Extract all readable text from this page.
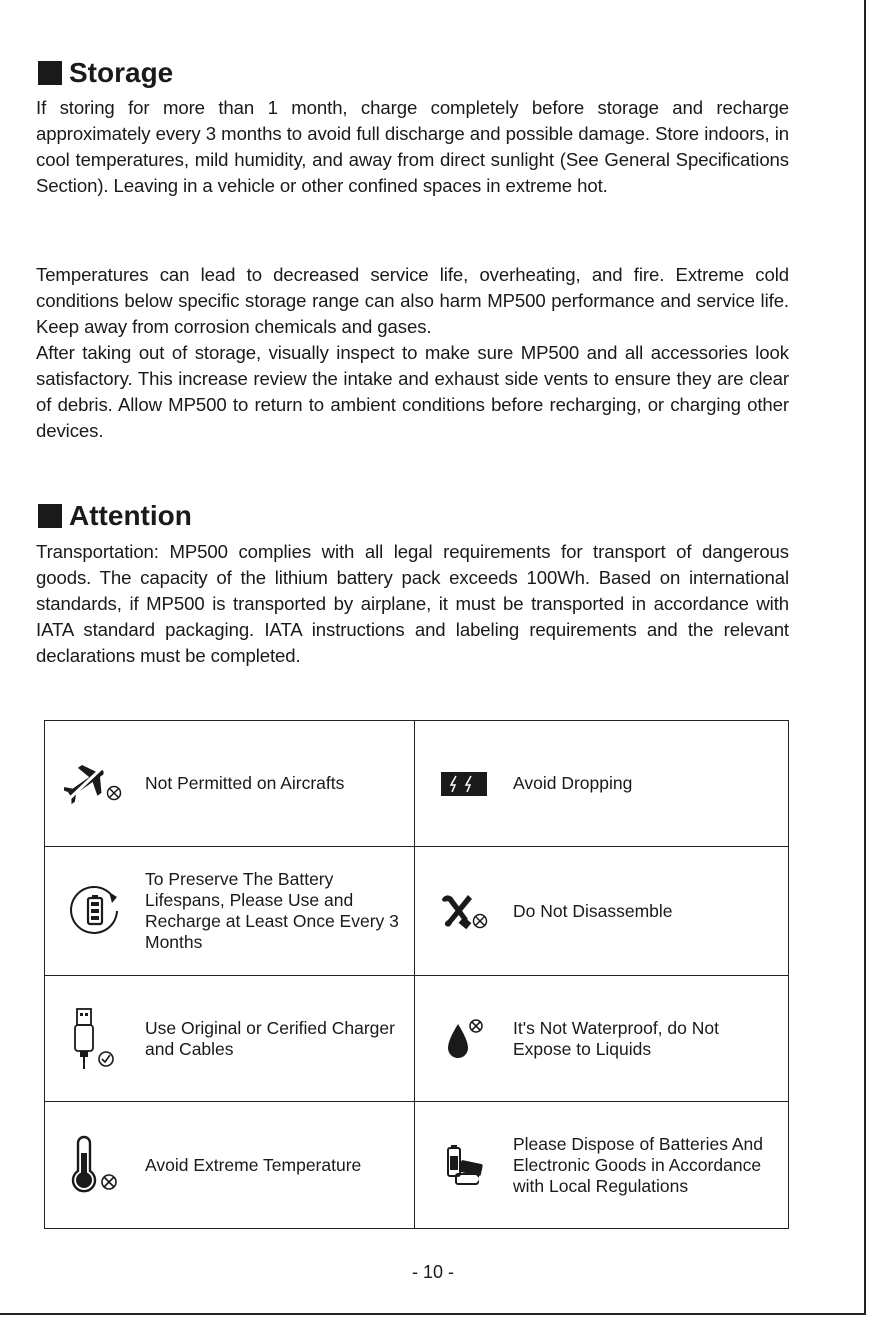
Storage

If storing for more than 1 month, charge completely before storage and recharge approximately every 3 months to avoid full discharge and possible damage. Store indoors, in cool temperatures, mild humidity, and away from direct sunlight (See General Specifications Section). Leaving in a vehicle or other confined spaces in extreme hot.

Temperatures can lead to decreased service life, overheating, and fire. Extreme cold conditions below specific storage range can also harm MP500 performance and service life. Keep away from corrosion chemicals and gases.
After taking out of storage, visually inspect to make sure MP500 and all accessories look satisfactory. This increase review the intake and exhaust side vents to ensure they are clear of debris. Allow MP500 to return to ambient conditions before recharging, or charging other devices.
Attention

Transportation: MP500 complies with all legal requirements for transport of dangerous goods. The capacity of the lithium battery pack exceeds 100Wh. Based on international standards, if MP500 is transported by airplane, it must be transported in accordance with IATA standard packaging. IATA instructions and labeling requirements and the relevant declarations must be completed.

Not Permitted on Aircrafts	Avoid Dropping
To Preserve The Battery Lifespans, Please Use and Recharge at Least Once Every 3 Months
Do Not Disassemble
Use Original or Cerified Charger and Cables
It's Not Waterproof, do Not Expose to Liquids
Avoid Extreme Temperature
Please Dispose of Batteries And Electronic Goods in Accordance with Local Regulations
- 10 -
